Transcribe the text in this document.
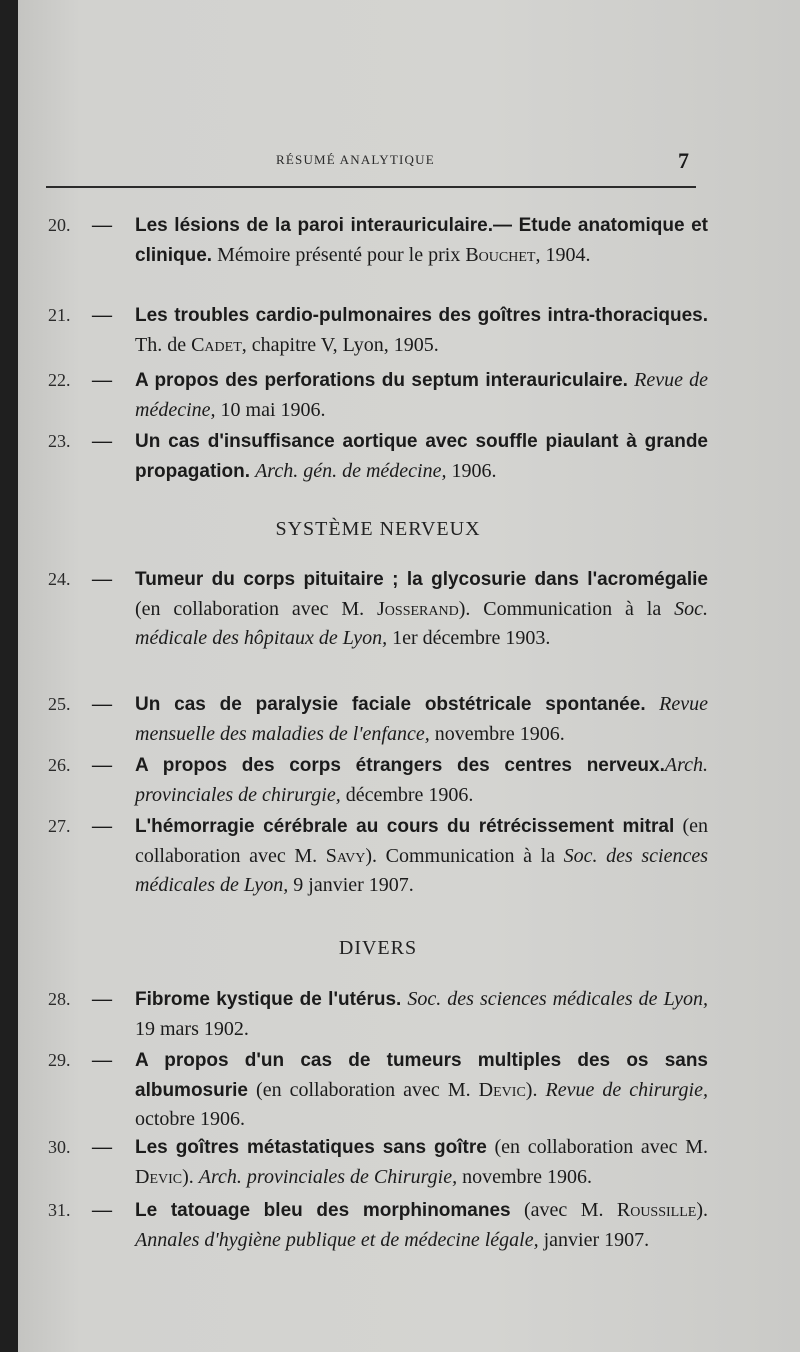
RÉSUMÉ ANALYTIQUE	7
20.	— Les lésions de la paroi interauriculaire.— Etude anatomique et clinique. Mémoire présenté pour le prix Bouchet, 1904.
21.	— Les troubles cardio-pulmonaires des goîtres intra-thoraciques. Th. de Cadet, chapitre V, Lyon, 1905.
22.	— A propos des perforations du septum interauriculaire. Revue de médecine, 10 mai 1906.
23.	— Un cas d'insuffisance aortique avec souffle piaulant à grande propagation. Arch. gén. de médecine, 1906.
SYSTÈME NERVEUX
24.	— Tumeur du corps pituitaire ; la glycosurie dans l'acromégalie (en collaboration avec M. Josserand). Communication à la Soc. médicale des hôpitaux de Lyon, 1er décembre 1903.
25.	— Un cas de paralysie faciale obstétricale spontanée. Revue mensuelle des maladies de l'enfance, novembre 1906.
26.	— A propos des corps étrangers des centres nerveux.Arch. provinciales de chirurgie, décembre 1906.
27.	— L'hémorragie cérébrale au cours du rétrécissement mitral (en collaboration avec M. Savy). Communication à la Soc. des sciences médicales de Lyon, 9 janvier 1907.
DIVERS
28.	— Fibrome kystique de l'utérus. Soc. des sciences médicales de Lyon, 19 mars 1902.
29.	— A propos d'un cas de tumeurs multiples des os sans albumosurie (en collaboration avec M. Devic). Revue de chirurgie, octobre 1906.
30.	— Les goîtres métastatiques sans goître (en collaboration avec M. Devic). Arch. provinciales de Chirurgie, novembre 1906.
31.	— Le tatouage bleu des morphinomanes (avec M. Roussille). Annales d'hygiène publique et de médecine légale, janvier 1907.
